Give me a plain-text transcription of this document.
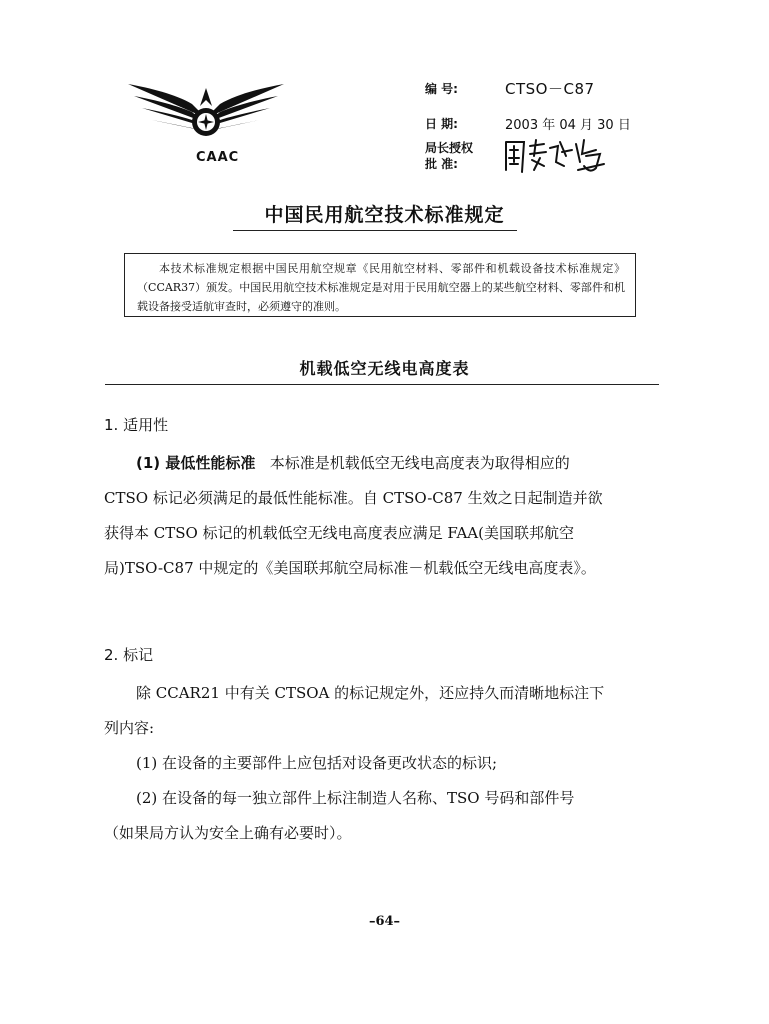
CAAC
编 号:	CTSO－C87
日 期:	2003 年 04 月 30 日
局长授权
批 准:
中国民用航空技术标准规定
本技术标准规定根据中国民用航空规章《民用航空材料、零部件和机载设备技术标准规定》（CCAR37）颁发。中国民用航空技术标准规定是对用于民用航空器上的某些航空材料、零部件和机载设备接受适航审查时，必须遵守的准则。
机载低空无线电高度表
1. 适用性
(1) 最低性能标准 本标准是机载低空无线电高度表为取得相应的
CTSO 标记必须满足的最低性能标准。自 CTSO-C87 生效之日起制造并欲
获得本 CTSO 标记的机载低空无线电高度表应满足 FAA(美国联邦航空
局)TSO-C87 中规定的《美国联邦航空局标准－机载低空无线电高度表》。
2. 标记
除 CCAR21 中有关 CTSOA 的标记规定外，还应持久而清晰地标注下
列内容:
(1) 在设备的主要部件上应包括对设备更改状态的标识;
(2) 在设备的每一独立部件上标注制造人名称、TSO 号码和部件号
（如果局方认为安全上确有必要时）。
–64–
